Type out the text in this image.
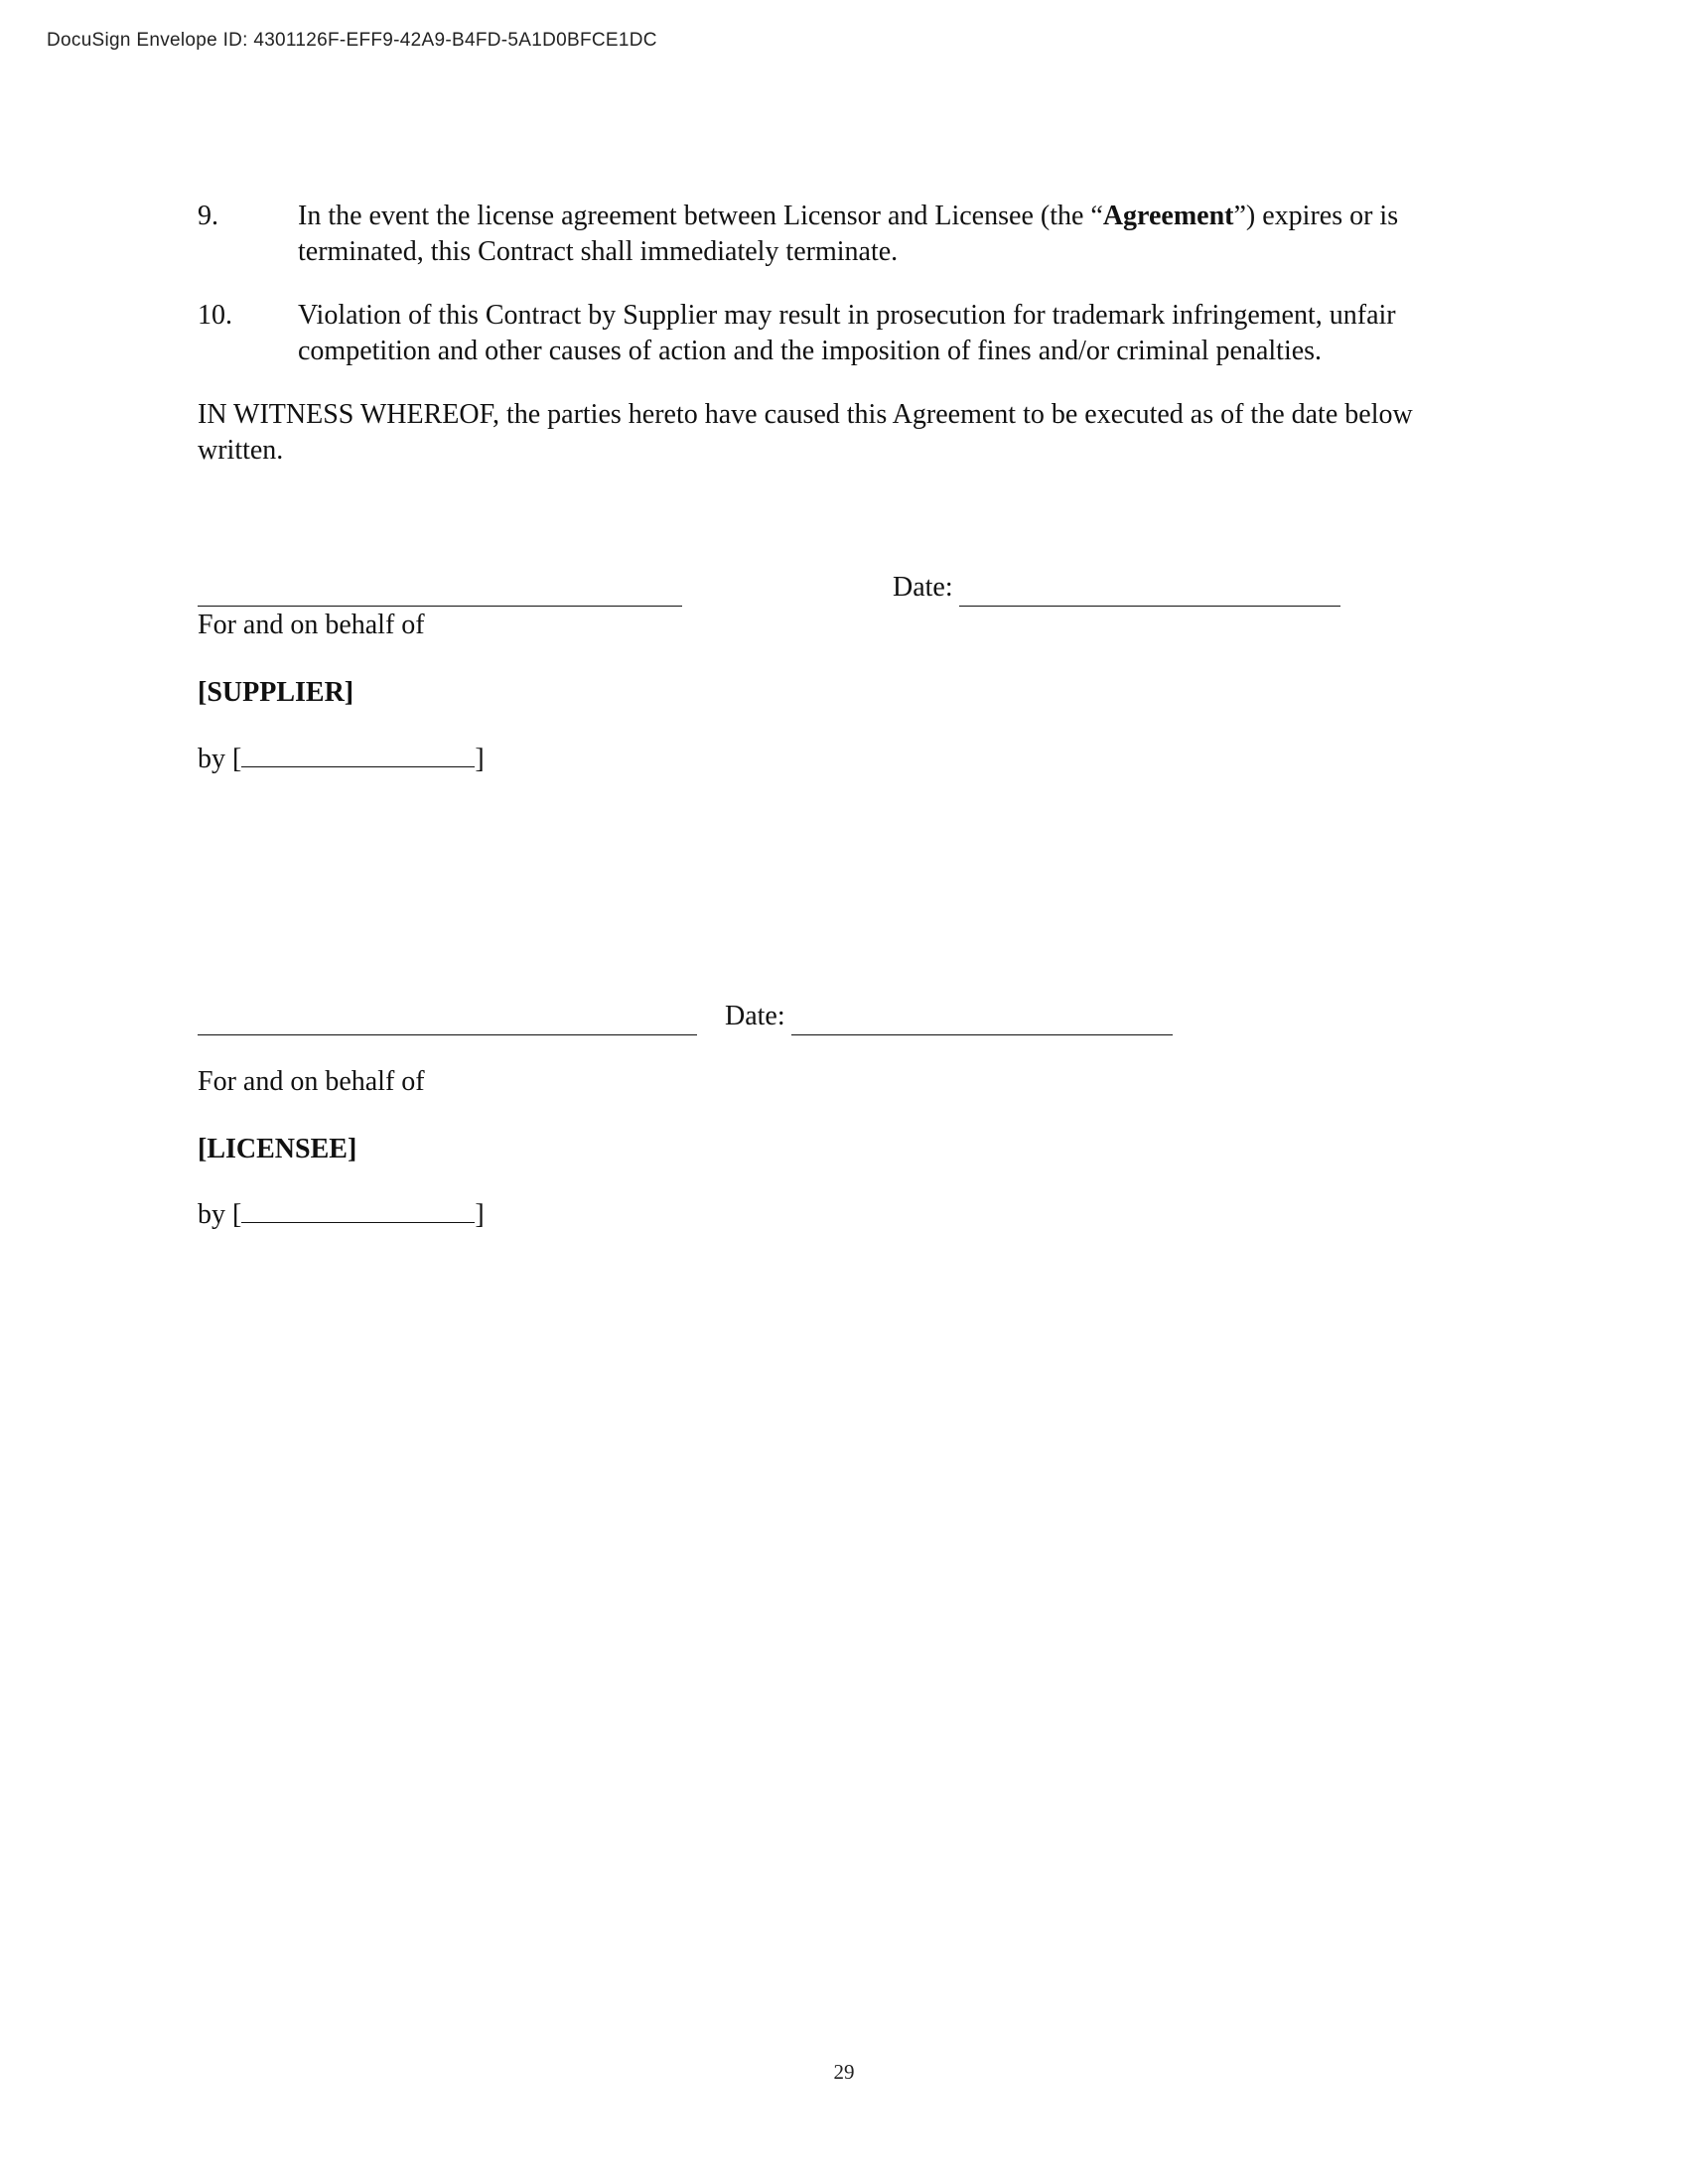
DocuSign Envelope ID: 4301126F-EFF9-42A9-B4FD-5A1D0BFCE1DC
9.	In the event the license agreement between Licensor and Licensee (the “Agreement”) expires or is terminated, this Contract shall immediately terminate.
10. Violation of this Contract by Supplier may result in prosecution for trademark infringement, unfair competition and other causes of action and the imposition of fines and/or criminal penalties.
IN WITNESS WHEREOF, the parties hereto have caused this Agreement to be executed as of the date below written.
Date:
For and on behalf of
[SUPPLIER]
by [	]
Date:
For and on behalf of
[LICENSEE]
by [	]
29
